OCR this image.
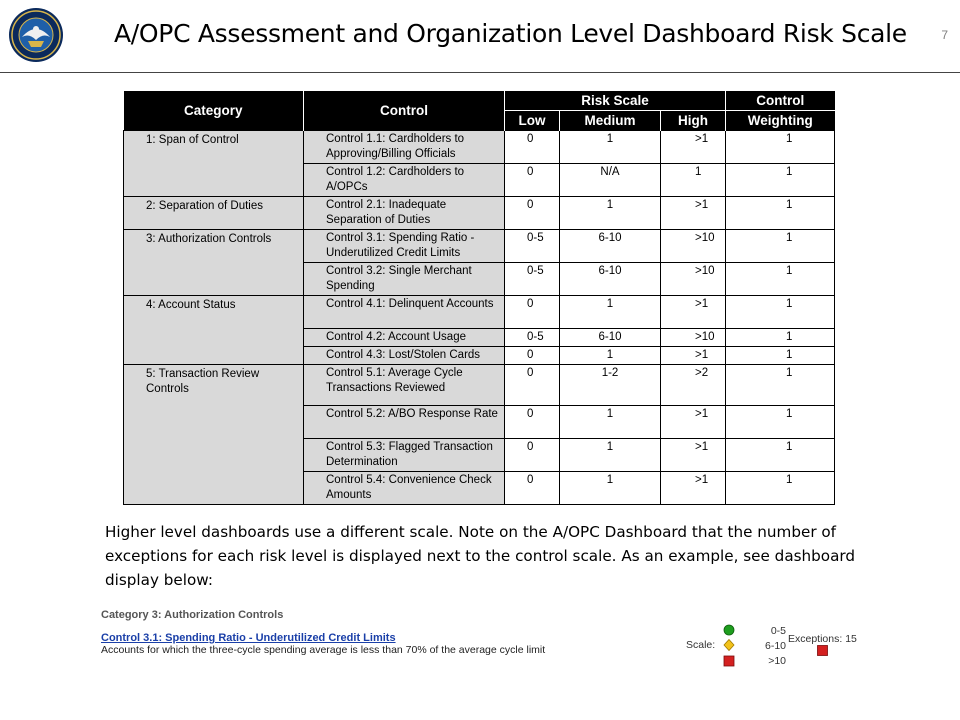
A/OPC Assessment and Organization Level Dashboard Risk Scale	7
Category	Control	Risk Scale			Control
		Low	Medium	High	Weighting
1: Span of Control	Control 1.1: Cardholders to Approving/Billing Officials	0	1	>1	1
	Control 1.2: Cardholders to A/OPCs	0	N/A	1	1
2: Separation of Duties	Control 2.1: Inadequate Separation of Duties	0	1	>1	1
3: Authorization Controls	Control 3.1: Spending Ratio - Underutilized Credit Limits	0-5	6-10	>10	1
	Control 3.2: Single Merchant Spending	0-5	6-10	>10	1
4: Account Status	Control 4.1: Delinquent Accounts	0	1	>1	1
	Control 4.2: Account Usage	0-5	6-10	>10	1
	Control 4.3: Lost/Stolen Cards	0	1	>1	1
5: Transaction Review Controls	Control 5.1: Average Cycle Transactions Reviewed	0	1-2	>2	1
	Control 5.2: A/BO Response Rate	0	1	>1	1
	Control 5.3: Flagged Transaction Determination	0	1	>1	1
	Control 5.4: Convenience Check Amounts	0	1	>1	1
Higher level dashboards use a different scale. Note on the A/OPC Dashboard that the number of exceptions for each risk level is displayed next to the control scale. As an example, see dashboard display below:
Category 3: Authorization Controls
Control 3.1: Spending Ratio - Underutilized Credit Limits
Accounts for which the three-cycle spending average is less than 70% of the average cycle limit	Scale:
0-5
6-10
>10
Exceptions: 15
